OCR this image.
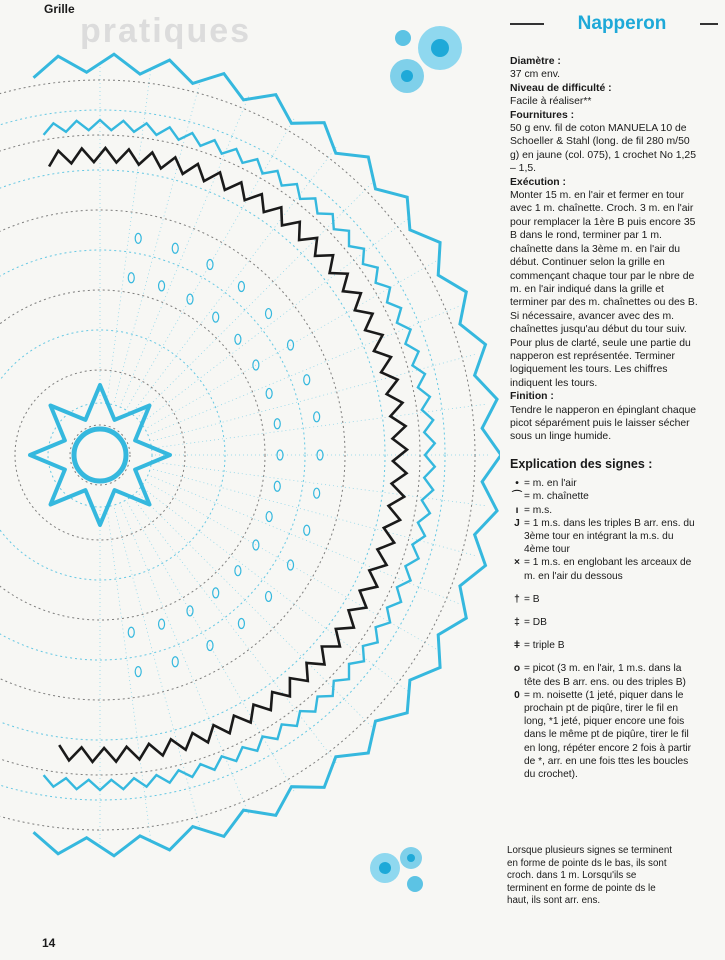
pratiques
Grille
Napperon

Diamètre :

37 cm env.

Niveau de difficulté :

Facile à réaliser**

Fournitures :

50 g env. fil de coton MANUELA 10 de Schoeller & Stahl (long. de fil 280 m/50 g) en jaune (col. 075), 1 crochet No 1,25 – 1,5.

Exécution :

Monter 15 m. en l'air et fermer en tour avec 1 m. chaînette. Croch. 3 m. en l'air pour remplacer la 1ère B puis encore 35 B dans le rond, terminer par 1 m. chaînette dans la 3ème m. en l'air du début. Continuer selon la grille en commençant chaque tour par le nbre de m. en l'air indiqué dans la grille et terminer par des m. chaînettes ou des B. Si nécessaire, avancer avec des m. chaînettes jusqu'au début du tour suiv. Pour plus de clarté, seule une partie du napperon est représentée. Terminer logiquement les tours. Les chiffres indiquent les tours.

Finition :

Tendre le napperon en épinglant chaque picot séparément puis le laisser sécher sous un linge humide.

Explication des signes :
• = m. en l'air
⌒ = m. chaînette
ı = m.s.
J = 1 m.s. dans les triples B arr. ens. du 3ème tour en intégrant la m.s. du 4ème tour
× = 1 m.s. en englobant les arceaux de m. en l'air du dessous
† = B
‡ = DB
ǂ = triple B
o = picot (3 m. en l'air, 1 m.s. dans la tête des B arr. ens. ou des triples B)
0 = m. noisette (1 jeté, piquer dans le prochain pt de piqûre, tirer le fil en long, *1 jeté, piquer encore une fois dans le même pt de piqûre, tirer le fil en long, répéter encore 2 fois à partir de *, arr. en une fois ttes les boucles du crochet).
Lorsque plusieurs signes se terminent en forme de pointe ds le bas, ils sont croch. dans 1 m. Lorsqu'ils se terminent en forme de pointe ds le haut, ils sont arr. ens.
14
